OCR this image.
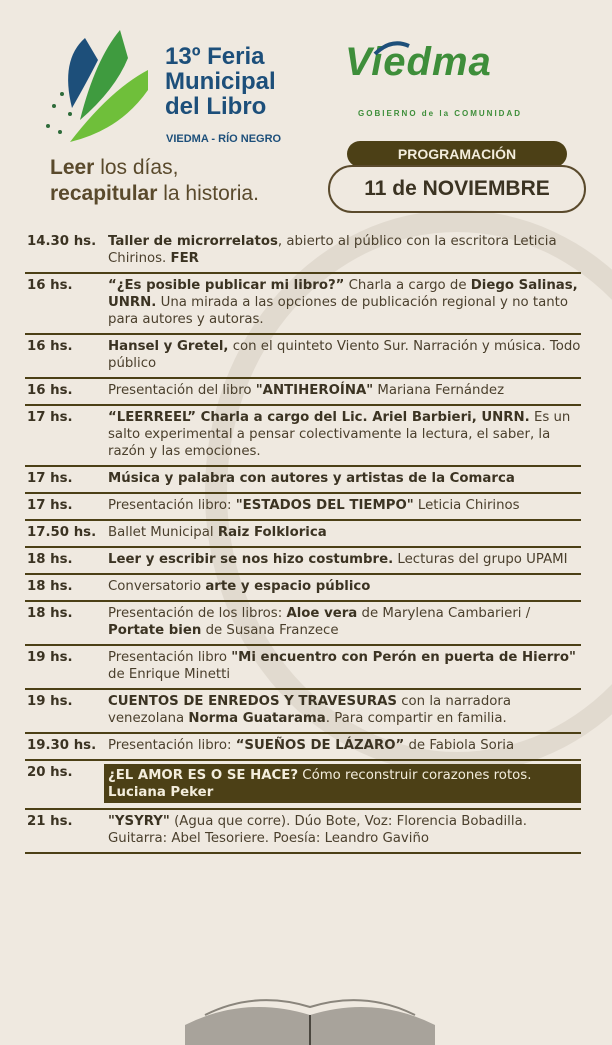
13º Feria
Municipal
del Libro
VIEDMA - RÍO NEGRO
Leer los días,
recapitular la historia.
Viedma
GOBIERNO de la COMUNIDAD
PROGRAMACIÓN
11 de NOVIEMBRE
14.30 hs. Taller de microrrelatos, abierto al público con la escritora Leticia Chirinos. FER
16 hs.	“¿Es posible publicar mi libro?” Charla a cargo de Diego Salinas, UNRN. Una mirada a las opciones de publicación regional y no tanto para autores y autoras.
16 hs.	Hansel y Gretel, con el quinteto Viento Sur. Narración y música. Todo público
16 hs.	Presentación del libro "ANTIHEROÍNA" Mariana Fernández
17 hs.	“LEERREEL” Charla a cargo del Lic. Ariel Barbieri, UNRN. Es un salto experimental a pensar colectivamente la lectura, el saber, la razón y las emociones.
17 hs.	Música y palabra con autores y artistas de la Comarca
17 hs.	Presentación libro: "ESTADOS DEL TIEMPO" Leticia Chirinos
17.50 hs. Ballet Municipal Raiz Folklorica
18 hs.	Leer y escribir se nos hizo costumbre. Lecturas del grupo UPAMI
18 hs.	Conversatorio arte y espacio público
18 hs.	Presentación de los libros: Aloe vera de Marylena Cambarieri / Portate bien de Susana Franzece
19 hs.	Presentación libro "Mi encuentro con Perón en puerta de Hierro" de Enrique Minetti
19 hs.	CUENTOS DE ENREDOS Y TRAVESURAS con la narradora venezolana Norma Guatarama. Para compartir en familia.
19.30 hs. Presentación libro: “SUEÑOS DE LÁZARO” de Fabiola Soria
20 hs.	¿EL AMOR ES O SE HACE? Cómo reconstruir corazones rotos. Luciana Peker
21 hs.	"YSYRY" (Agua que corre). Dúo Bote, Voz: Florencia Bobadilla. Guitarra: Abel Tesoriere. Poesía: Leandro Gaviño
